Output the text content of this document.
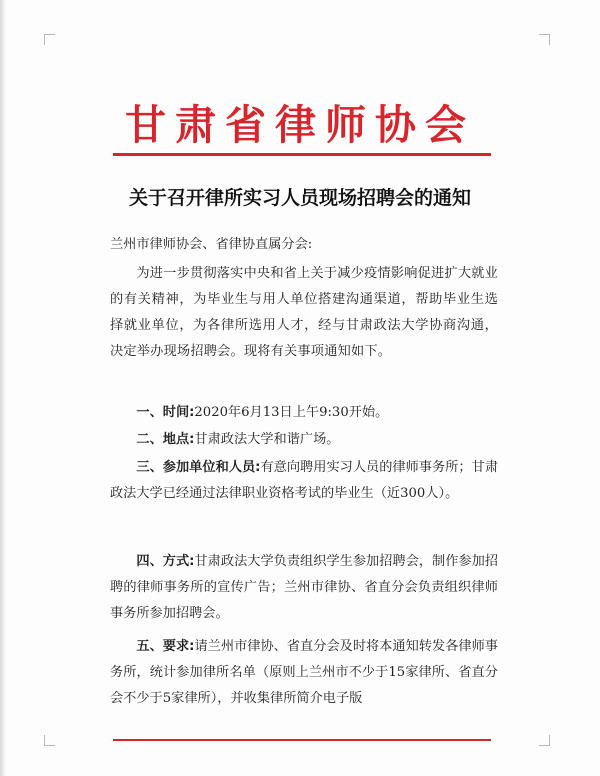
甘肃省律师协会
关于召开律所实习人员现场招聘会的通知
兰州市律师协会、省律协直属分会:

为进一步贯彻落实中央和省上关于减少疫情影响促进扩大就业的有关精神，为毕业生与用人单位搭建沟通渠道，帮助毕业生选择就业单位，为各律所选用人才，经与甘肃政法大学协商沟通，决定举办现场招聘会。现将有关事项通知如下。

一、时间:2020年6月13日上午9:30开始。
二、地点:甘肃政法大学和谐广场。
三、参加单位和人员:有意向聘用实习人员的律师事务所；甘肃政法大学已经通过法律职业资格考试的毕业生（近300人）。
四、方式:甘肃政法大学负责组织学生参加招聘会，制作参加招聘的律师事务所的宣传广告；兰州市律协、省直分会负责组织律师事务所参加招聘会。
五、要求:请兰州市律协、省直分会及时将本通知转发各律师事务所，统计参加律所名单（原则上兰州市不少于15家律所、省直分会不少于5家律所），并收集律所简介电子版
